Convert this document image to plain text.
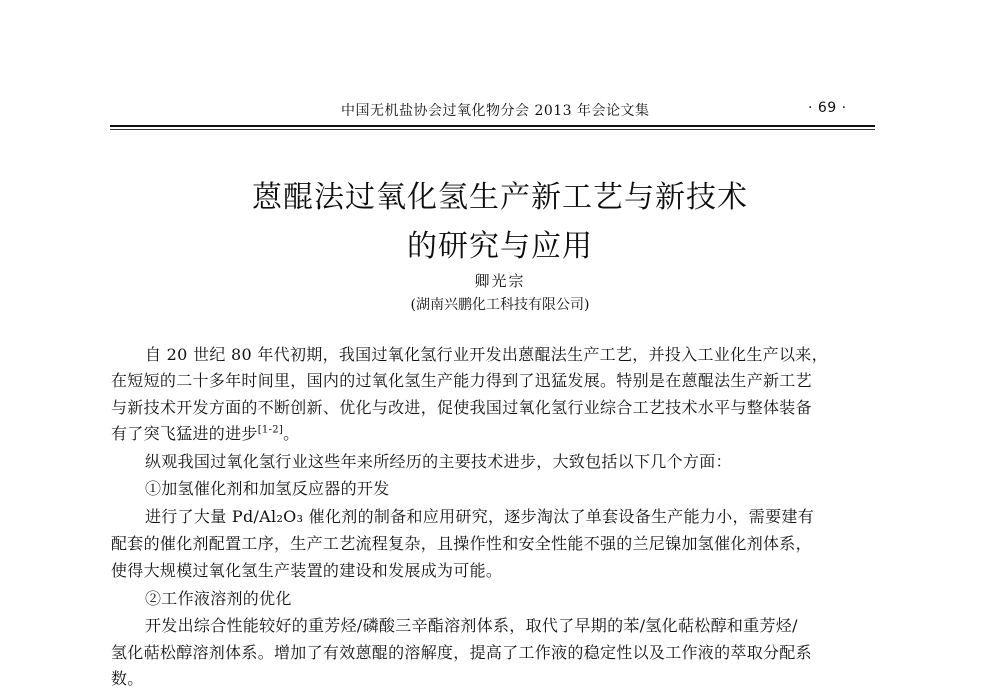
中国无机盐协会过氧化物分会 2013 年会论文集	· 69 ·
蒽醌法过氧化氢生产新工艺与新技术
的研究与应用
卿光宗
(湖南兴鹏化工科技有限公司)
自 20 世纪 80 年代初期，我国过氧化氢行业开发出蒽醌法生产工艺，并投入工业化生产以来，
在短短的二十多年时间里，国内的过氧化氢生产能力得到了迅猛发展。特别是在蒽醌法生产新工艺
与新技术开发方面的不断创新、优化与改进，促使我国过氧化氢行业综合工艺技术水平与整体装备
有了突飞猛进的进步[1-2]。
纵观我国过氧化氢行业这些年来所经历的主要技术进步，大致包括以下几个方面：
①加氢催化剂和加氢反应器的开发
进行了大量 Pd/Al₂O₃ 催化剂的制备和应用研究，逐步淘汰了单套设备生产能力小，需要建有
配套的催化剂配置工序，生产工艺流程复杂，且操作性和安全性能不强的兰尼镍加氢催化剂体系，
使得大规模过氧化氢生产装置的建设和发展成为可能。
②工作液溶剂的优化
开发出综合性能较好的重芳烃/磷酸三辛酯溶剂体系，取代了早期的苯/氢化萜松醇和重芳烃/
氢化萜松醇溶剂体系。增加了有效蒽醌的溶解度，提高了工作液的稳定性以及工作液的萃取分配系
数。
